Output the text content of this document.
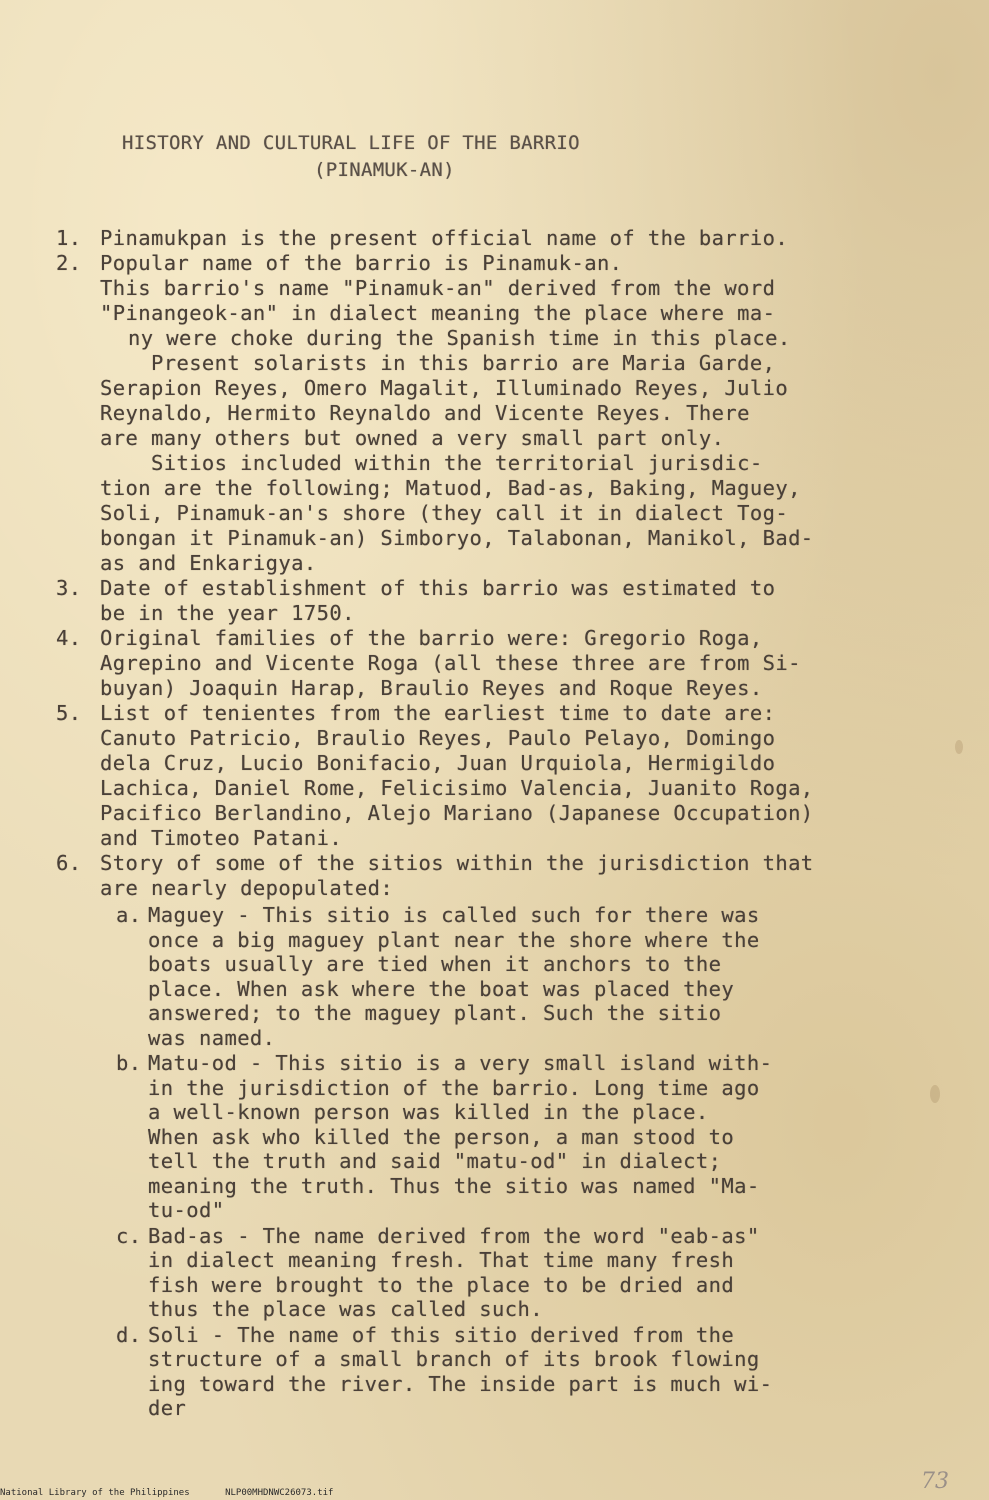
HISTORY AND CULTURAL LIFE OF THE BARRIO
(PINAMUK-AN)
1. Pinamukpan is the present official name of the barrio.
2. Popular name of the barrio is Pinamuk-an.
This barrio's name "Pinamuk-an" derived from the word
"Pinangeok-an" in dialect meaning the place where ma-
ny were choke during the Spanish time in this place.
Present solarists in this barrio are Maria Garde,
Serapion Reyes, Omero Magalit, Illuminado Reyes, Julio
Reynaldo, Hermito Reynaldo and Vicente Reyes. There
are many others but owned a very small part only.
Sitios included within the territorial jurisdic-
tion are the following; Matuod, Bad-as, Baking, Maguey,
Soli, Pinamuk-an's shore (they call it in dialect Tog-
bongan it Pinamuk-an) Simboryo, Talabonan, Manikol, Bad-
as and Enkarigya.
3. Date of establishment of this barrio was estimated to
be in the year 1750.
4. Original families of the barrio were: Gregorio Roga,
Agrepino and Vicente Roga (all these three are from Si-
buyan) Joaquin Harap, Braulio Reyes and Roque Reyes.
5. List of tenientes from the earliest time to date are:
Canuto Patricio, Braulio Reyes, Paulo Pelayo, Domingo
dela Cruz, Lucio Bonifacio, Juan Urquiola, Hermigildo
Lachica, Daniel Rome, Felicisimo Valencia, Juanito Roga,
Pacifico Berlandino, Alejo Mariano (Japanese Occupation)
and Timoteo Patani.
6. Story of some of the sitios within the jurisdiction that
are nearly depopulated:
a. Maguey - This sitio is called such for there was
once a big maguey plant near the shore where the
boats usually are tied when it anchors to the
place. When ask where the boat was placed they
answered; to the maguey plant. Such the sitio
was named.
b. Matu-od - This sitio is a very small island with-
in the jurisdiction of the barrio. Long time ago
a well-known person was killed in the place.
When ask who killed the person, a man stood to
tell the truth and said "matu-od" in dialect;
meaning the truth. Thus the sitio was named "Ma-
tu-od"
c. Bad-as - The name derived from the word "eab-as"
in dialect meaning fresh. That time many fresh
fish were brought to the place to be dried and
thus the place was called such.
d. Soli - The name of this sitio derived from the
structure of a small branch of its brook flowing
ing toward the river. The inside part is much wi-
der
National Library of the Philippines	NLP00MHDNWC26073.tif	73
